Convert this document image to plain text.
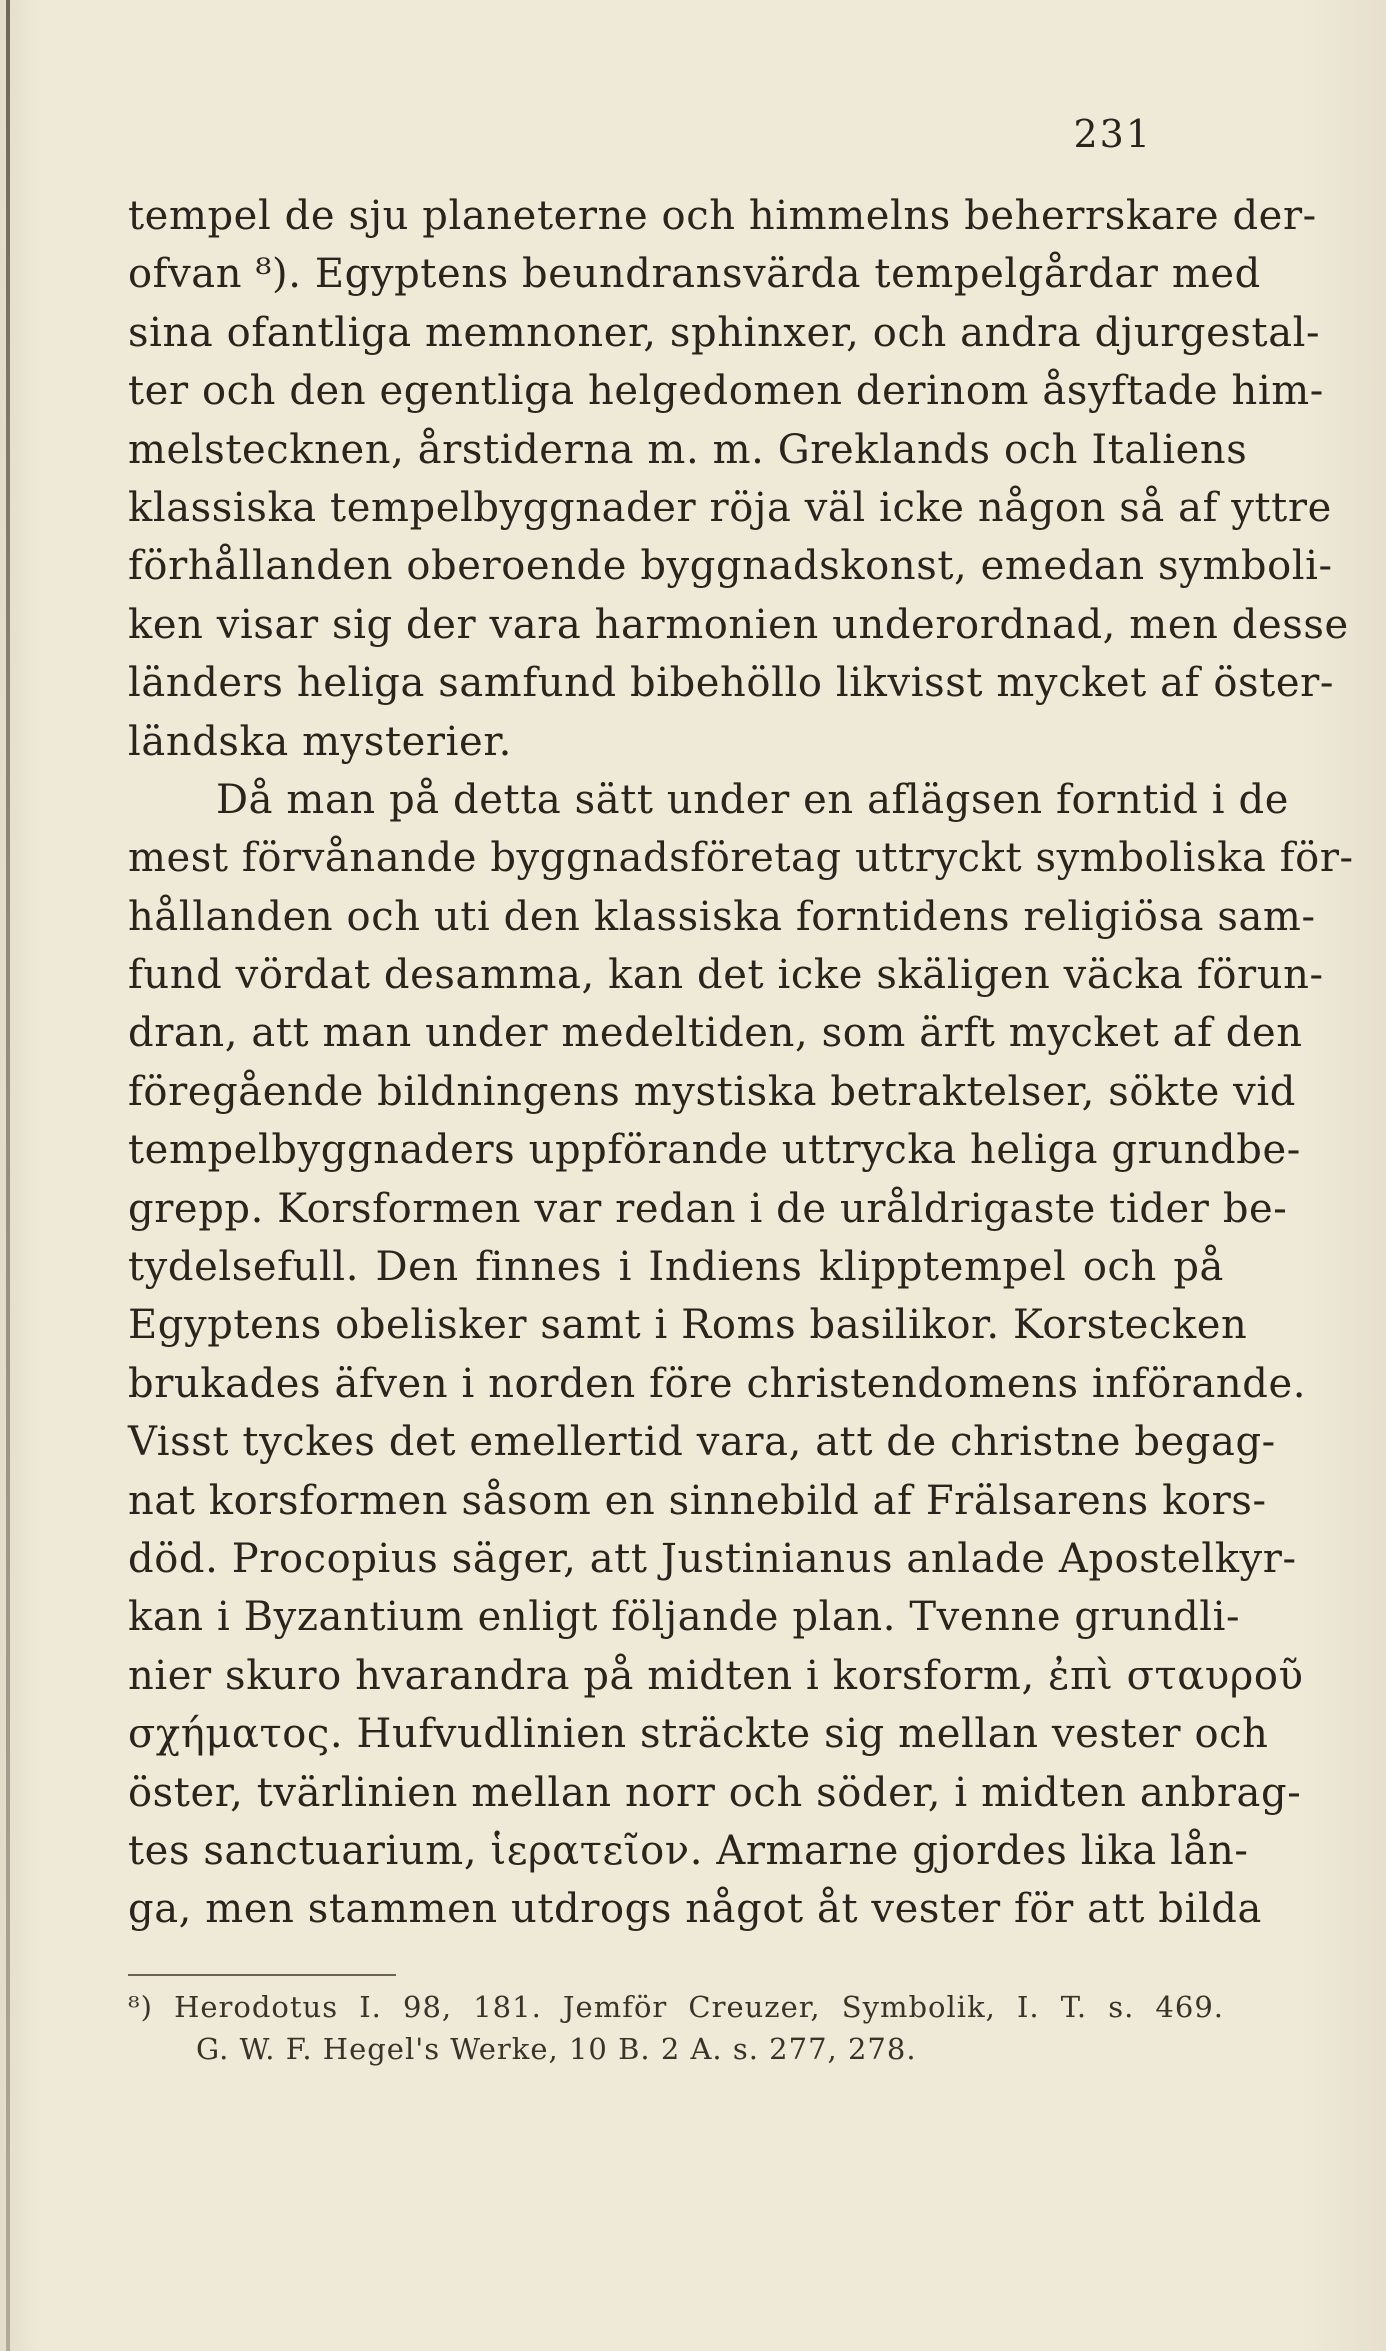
231
tempel de sju planeterne och himmelns beherrskare der-
ofvan ⁸). Egyptens beundransvärda tempelgårdar med
sina ofantliga memnoner, sphinxer, och andra djurgestal-
ter och den egentliga helgedomen derinom åsyftade him-
melstecknen, årstiderna m. m. Greklands och Italiens
klassiska tempelbyggnader röja väl icke någon så af yttre
förhållanden oberoende byggnadskonst, emedan symboli-
ken visar sig der vara harmonien underordnad, men desse
länders heliga samfund bibehöllo likvisst mycket af öster-
ländska mysterier.
Då man på detta sätt under en aflägsen forntid i de
mest förvånande byggnadsföretag uttryckt symboliska för-
hållanden och uti den klassiska forntidens religiösa sam-
fund vördat desamma, kan det icke skäligen väcka förun-
dran, att man under medeltiden, som ärft mycket af den
föregående bildningens mystiska betraktelser, sökte vid
tempelbyggnaders uppförande uttrycka heliga grundbe-
grepp. Korsformen var redan i de uråldrigaste tider be-
tydelsefull. Den finnes i Indiens klipptempel och på
Egyptens obelisker samt i Roms basilikor. Korstecken
brukades äfven i norden före christendomens införande.
Visst tyckes det emellertid vara, att de christne begag-
nat korsformen såsom en sinnebild af Frälsarens kors-
död. Procopius säger, att Justinianus anlade Apostelkyr-
kan i Byzantium enligt följande plan. Tvenne grundli-
nier skuro hvarandra på midten i korsform, ἐπὶ σταυροῦ
σχήματος. Hufvudlinien sträckte sig mellan vester och
öster, tvärlinien mellan norr och söder, i midten anbrag-
tes sanctuarium, ἱερατεῖον. Armarne gjordes lika lån-
ga, men stammen utdrogs något åt vester för att bilda
⁸) Herodotus I. 98, 181. Jemför Creuzer, Symbolik, I. T. s. 469.
G. W. F. Hegel's Werke, 10 B. 2 A. s. 277, 278.
